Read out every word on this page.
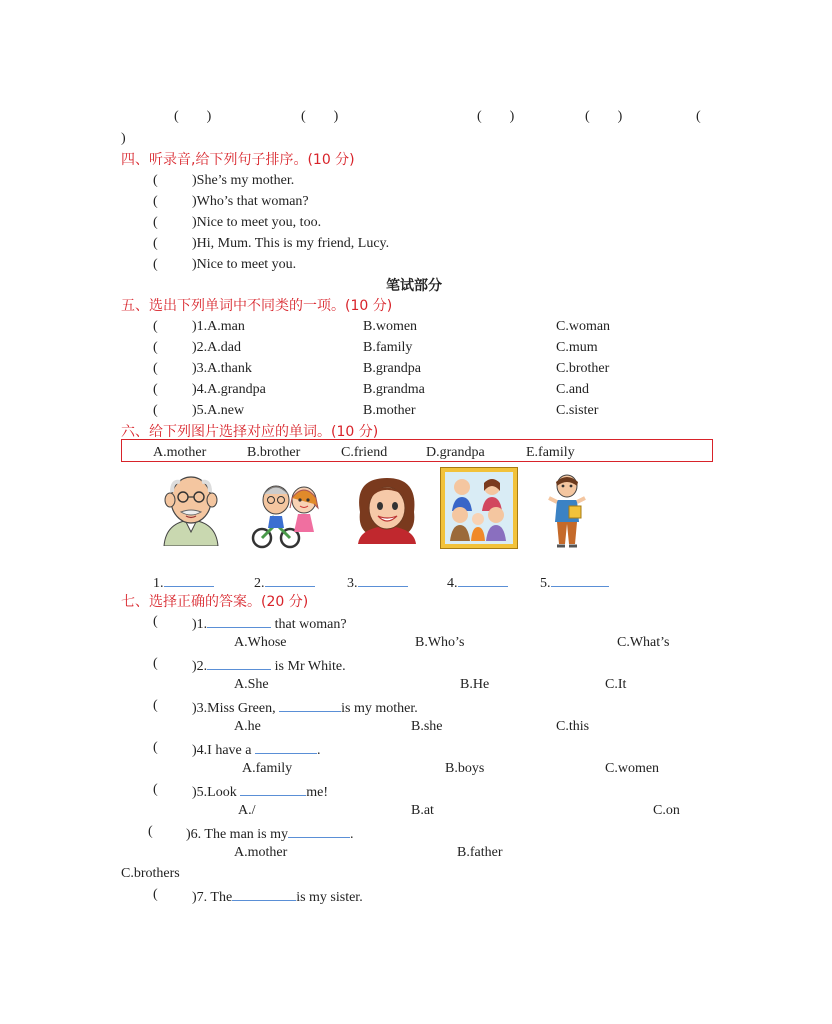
(　　)	(　　)	(　　)	(　　)	(
)
四、听录音,给下列句子排序。(10 分)
( )She’s my mother.
( )Who’s that woman?
( )Nice to meet you, too.
( )Hi, Mum. This is my friend, Lucy.
( )Nice to meet you.
笔试部分
五、选出下列单词中不同类的一项。(10 分)
( )1.A.man	B.women	C.woman
( )2.A.dad	B.family	C.mum
( )3.A.thank	B.grandpa	C.brother
( )4.A.grandpa	B.grandma	C.and
( )5.A.new	B.mother	C.sister
六、给下列图片选择对应的单词。(10 分)
A.mother	B.brother	C.friend	D.grandpa	E.family
1.	2.	3.	4.	5.
七、选择正确的答案。(20 分)
( )1.	that woman?
A.Whose	B.Who’s	C.What’s
( )2.	is Mr White.
A.She	B.He	C.It
( )3.Miss Green,	is my mother.
A.he	B.she	C.this
( )4.I have a	.
A.family	B.boys	C.women
( )5.Look	me!
A./	B.at	C.on
( )6. The man is my	.
A.mother	B.father
C.brothers
( )7. The	is my sister.
